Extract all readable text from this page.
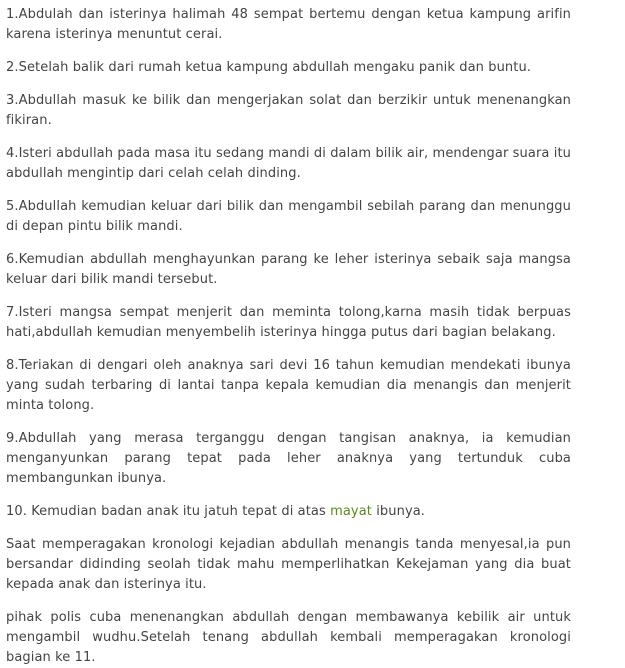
1.Abdulah dan isterinya halimah 48 sempat bertemu dengan ketua kampung arifin karena isterinya menuntut cerai.

2.Setelah balik dari rumah ketua kampung abdullah mengaku panik dan buntu.

3.Abdullah masuk ke bilik dan mengerjakan solat dan berzikir untuk menenangkan fikiran.

4.Isteri abdullah pada masa itu sedang mandi di dalam bilik air, mendengar suara itu abdullah mengintip dari celah celah dinding.

5.Abdullah kemudian keluar dari bilik dan mengambil sebilah parang dan menunggu di depan pintu bilik mandi.

6.Kemudian abdullah menghayunkan parang ke leher isterinya sebaik saja mangsa keluar dari bilik mandi tersebut.

7.Isteri mangsa sempat menjerit dan meminta tolong,karna masih tidak berpuas hati,abdullah kemudian menyembelih isterinya hingga putus dari bagian belakang.

8.Teriakan di dengari oleh anaknya sari devi 16 tahun kemudian mendekati ibunya yang sudah terbaring di lantai tanpa kepala kemudian dia menangis dan menjerit minta tolong.

9.Abdullah yang merasa terganggu dengan tangisan anaknya, ia kemudian menganyunkan parang tepat pada leher anaknya yang tertunduk cuba membangunkan ibunya.

10. Kemudian badan anak itu jatuh tepat di atas mayat ibunya.

Saat memperagakan kronologi kejadian abdullah menangis tanda menyesal,ia pun bersandar didinding seolah tidak mahu memperlihatkan Kekejaman yang dia buat kepada anak dan isterinya itu.

pihak polis cuba menenangkan abdullah dengan membawanya kebilik air untuk mengambil wudhu.Setelah tenang abdullah kembali memperagakan kronologi bagian ke 11.
